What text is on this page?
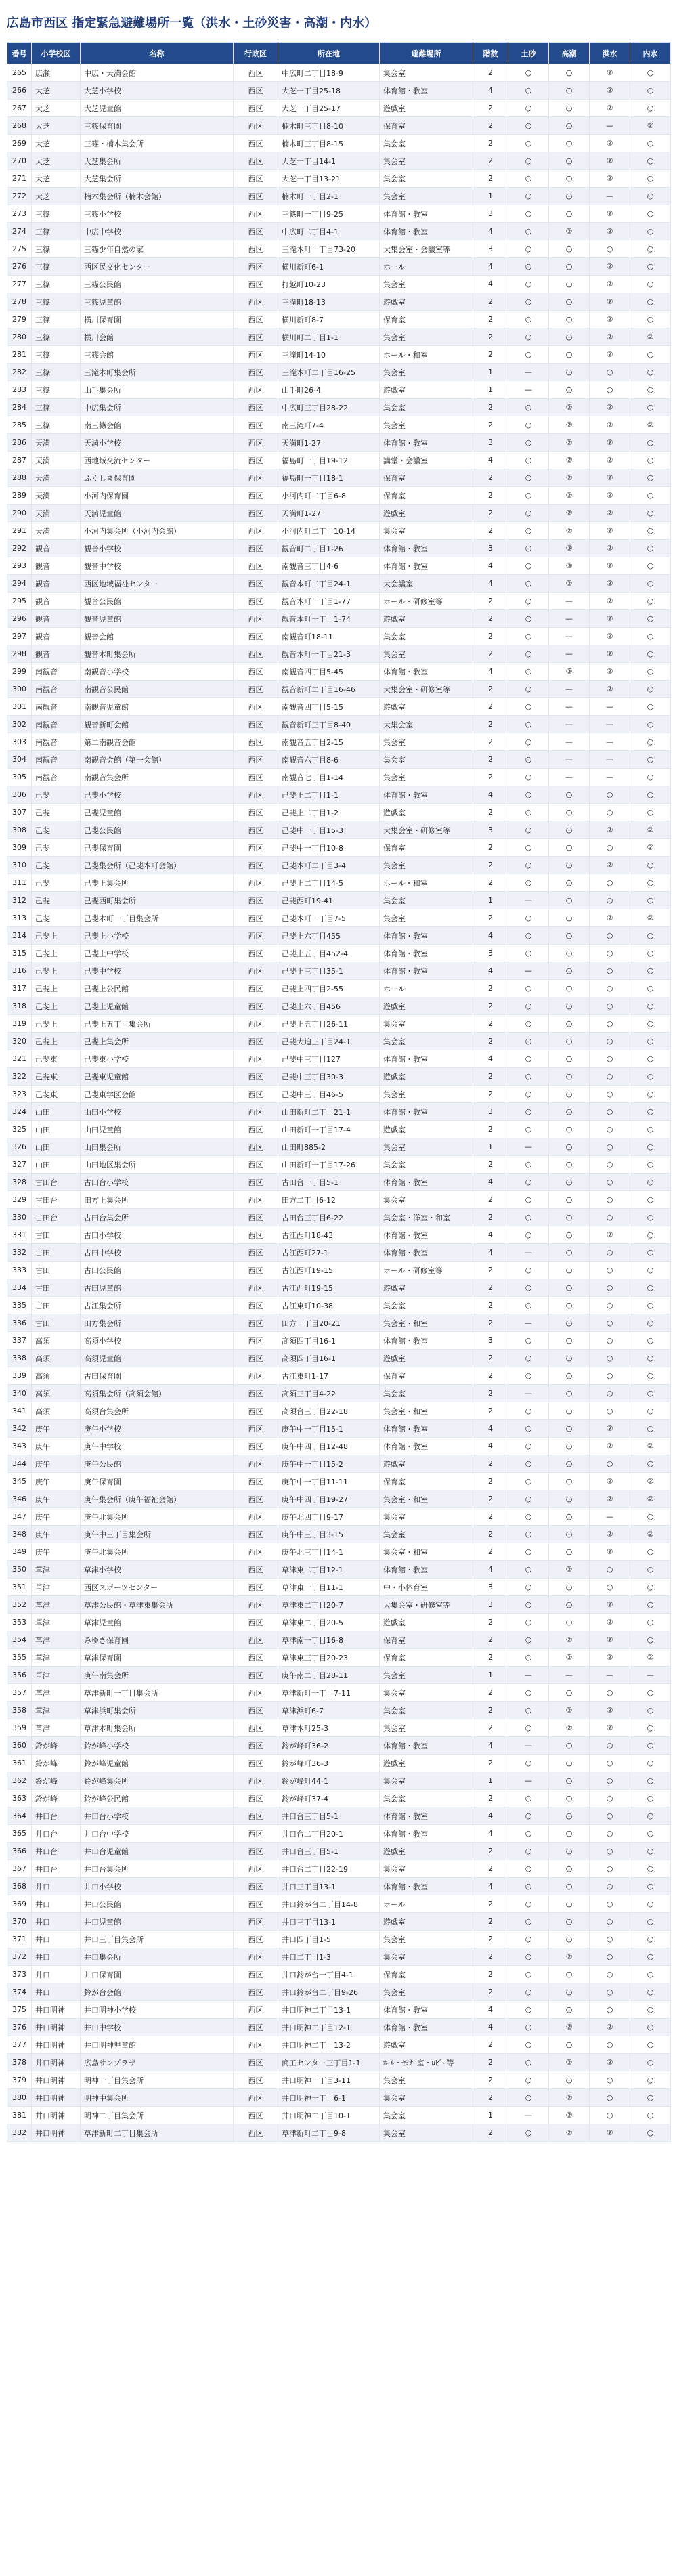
広島市西区 指定緊急避難場所一覧（洪水・土砂災害・高潮・内水）
番号	小学校区	名称	行政区	所在地	避難場所	階数	土砂	高潮	洪水	内水
265	広瀬	中広・天満会館	西区	中広町二丁目18-9	集会室	2	○	○	②	○
266	大芝	大芝小学校	西区	大芝一丁目25-18	体育館・教室	4	○	○	②	○
267	大芝	大芝児童館	西区	大芝一丁目25-17	遊戯室	2	○	○	②	○
268	大芝	三篠保育園	西区	楠木町三丁目8-10	保育室	2	○	○	—	②
269	大芝	三篠・楠木集会所	西区	楠木町三丁目8-15	集会室	2	○	○	②	○
270	大芝	大芝集会所	西区	大芝一丁目14-1	集会室	2	○	○	②	○
271	大芝	大芝集会所	西区	大芝一丁目13-21	集会室	2	○	○	②	○
272	大芝	楠木集会所（楠木会館）	西区	楠木町一丁目2-1	集会室	1	○	○	—	○
273	三篠	三篠小学校	西区	三篠町一丁目9-25	体育館・教室	3	○	○	②	○
274	三篠	中広中学校	西区	中広町二丁目4-1	体育館・教室	4	○	②	②	○
275	三篠	三篠少年自然の家	西区	三滝本町一丁目73-20	大集会室・会議室等	3	○	○	○	○
276	三篠	西区民文化センター	西区	横川新町6-1	ホール	4	○	○	②	○
277	三篠	三篠公民館	西区	打越町10-23	集会室	4	○	○	②	○
278	三篠	三篠児童館	西区	三滝町18-13	遊戯室	2	○	○	②	○
279	三篠	横川保育園	西区	横川新町8-7	保育室	2	○	○	②	○
280	三篠	横川会館	西区	横川町二丁目1-1	集会室	2	○	○	②	②
281	三篠	三篠会館	西区	三滝町14-10	ホール・和室	2	○	○	②	○
282	三篠	三滝本町集会所	西区	三滝本町二丁目16-25	集会室	1	—	○	○	○
283	三篠	山手集会所	西区	山手町26-4	遊戯室	1	—	○	○	○
284	三篠	中広集会所	西区	中広町三丁目28-22	集会室	2	○	②	②	○
285	三篠	南三篠会館	西区	南三滝町7-4	集会室	2	○	②	②	②
286	天満	天満小学校	西区	天満町1-27	体育館・教室	3	○	②	②	○
287	天満	西地域交流センター	西区	福島町一丁目19-12	講堂・会議室	4	○	②	②	○
288	天満	ふくしま保育園	西区	福島町一丁目18-1	保育室	2	○	②	②	○
289	天満	小河内保育園	西区	小河内町二丁目6-8	保育室	2	○	②	②	○
290	天満	天満児童館	西区	天満町1-27	遊戯室	2	○	②	②	○
291	天満	小河内集会所（小河内会館）	西区	小河内町二丁目10-14	集会室	2	○	②	②	○
292	観音	観音小学校	西区	観音町二丁目1-26	体育館・教室	3	○	③	②	○
293	観音	観音中学校	西区	南観音三丁目4-6	体育館・教室	4	○	③	②	○
294	観音	西区地域福祉センター	西区	観音本町二丁目24-1	大会議室	4	○	②	②	○
295	観音	観音公民館	西区	観音本町一丁目1-77	ホール・研修室等	2	○	—	②	○
296	観音	観音児童館	西区	観音本町一丁目1-74	遊戯室	2	○	—	②	○
297	観音	観音会館	西区	南観音町18-11	集会室	2	○	—	②	○
298	観音	観音本町集会所	西区	観音本町一丁目21-3	集会室	2	○	—	②	○
299	南観音	南観音小学校	西区	南観音四丁目5-45	体育館・教室	4	○	③	②	○
300	南観音	南観音公民館	西区	観音新町二丁目16-46	大集会室・研修室等	2	○	—	②	○
301	南観音	南観音児童館	西区	南観音四丁目5-15	遊戯室	2	○	—	—	○
302	南観音	観音新町会館	西区	観音新町三丁目8-40	大集会室	2	○	—	—	○
303	南観音	第二南観音会館	西区	南観音五丁目2-15	集会室	2	○	—	—	○
304	南観音	南観音会館（第一会館）	西区	南観音六丁目8-6	集会室	2	○	—	—	○
305	南観音	南観音集会所	西区	南観音七丁目1-14	集会室	2	○	—	—	○
306	己斐	己斐小学校	西区	己斐上二丁目1-1	体育館・教室	4	○	○	○	○
307	己斐	己斐児童館	西区	己斐上二丁目1-2	遊戯室	2	○	○	○	○
308	己斐	己斐公民館	西区	己斐中一丁目15-3	大集会室・研修室等	3	○	○	②	②
309	己斐	己斐保育園	西区	己斐中一丁目10-8	保育室	2	○	○	○	②
310	己斐	己斐集会所（己斐本町会館）	西区	己斐本町二丁目3-4	集会室	2	○	○	②	○
311	己斐	己斐上集会所	西区	己斐上二丁目14-5	ホール・和室	2	○	○	○	○
312	己斐	己斐西町集会所	西区	己斐西町19-41	集会室	1	—	○	○	○
313	己斐	己斐本町一丁目集会所	西区	己斐本町一丁目7-5	集会室	2	○	○	②	②
314	己斐上	己斐上小学校	西区	己斐上六丁目455	体育館・教室	4	○	○	○	○
315	己斐上	己斐上中学校	西区	己斐上五丁目452-4	体育館・教室	3	○	○	○	○
316	己斐上	己斐中学校	西区	己斐上三丁目35-1	体育館・教室	4	—	○	○	○
317	己斐上	己斐上公民館	西区	己斐上四丁目2-55	ホール	2	○	○	○	○
318	己斐上	己斐上児童館	西区	己斐上六丁目456	遊戯室	2	○	○	○	○
319	己斐上	己斐上五丁目集会所	西区	己斐上五丁目26-11	集会室	2	○	○	○	○
320	己斐上	己斐上集会所	西区	己斐大迫三丁目24-1	集会室	2	○	○	○	○
321	己斐東	己斐東小学校	西区	己斐中三丁目127	体育館・教室	4	○	○	○	○
322	己斐東	己斐東児童館	西区	己斐中三丁目30-3	遊戯室	2	○	○	○	○
323	己斐東	己斐東学区会館	西区	己斐中三丁目46-5	集会室	2	○	○	○	○
324	山田	山田小学校	西区	山田新町二丁目21-1	体育館・教室	3	○	○	○	○
325	山田	山田児童館	西区	山田新町一丁目17-4	遊戯室	2	○	○	○	○
326	山田	山田集会所	西区	山田町885-2	集会室	1	—	○	○	○
327	山田	山田地区集会所	西区	山田新町一丁目17-26	集会室	2	○	○	○	○
328	古田台	古田台小学校	西区	古田台一丁目5-1	体育館・教室	4	○	○	○	○
329	古田台	田方上集会所	西区	田方二丁目6-12	集会室	2	○	○	○	○
330	古田台	古田台集会所	西区	古田台三丁目6-22	集会室・洋室・和室	2	○	○	○	○
331	古田	古田小学校	西区	古江西町18-43	体育館・教室	4	○	○	②	○
332	古田	古田中学校	西区	古江西町27-1	体育館・教室	4	—	○	○	○
333	古田	古田公民館	西区	古江西町19-15	ホール・研修室等	2	○	○	○	○
334	古田	古田児童館	西区	古江西町19-15	遊戯室	2	○	○	○	○
335	古田	古江集会所	西区	古江東町10-38	集会室	2	○	○	○	○
336	古田	田方集会所	西区	田方一丁目20-21	集会室・和室	2	—	○	○	○
337	高須	高須小学校	西区	高須四丁目16-1	体育館・教室	3	○	○	○	○
338	高須	高須児童館	西区	高須四丁目16-1	遊戯室	2	○	○	○	○
339	高須	古田保育園	西区	古江東町1-17	保育室	2	○	○	○	○
340	高須	高須集会所（高須会館）	西区	高須三丁目4-22	集会室	2	—	○	○	○
341	高須	高須台集会所	西区	高須台三丁目22-18	集会室・和室	2	○	○	○	○
342	庚午	庚午小学校	西区	庚午中一丁目15-1	体育館・教室	4	○	○	②	○
343	庚午	庚午中学校	西区	庚午中四丁目12-48	体育館・教室	4	○	○	②	②
344	庚午	庚午公民館	西区	庚午中一丁目15-2	遊戯室	2	○	○	○	○
345	庚午	庚午保育園	西区	庚午中一丁目11-11	保育室	2	○	○	②	②
346	庚午	庚午集会所（庚午福祉会館）	西区	庚午中四丁目19-27	集会室・和室	2	○	○	②	②
347	庚午	庚午北集会所	西区	庚午北四丁目9-17	集会室	2	○	○	—	○
348	庚午	庚午中三丁目集会所	西区	庚午中三丁目3-15	集会室	2	○	○	②	②
349	庚午	庚午北集会所	西区	庚午北三丁目14-1	集会室・和室	2	○	○	②	○
350	草津	草津小学校	西区	草津東二丁目12-1	体育館・教室	4	○	②	○	○
351	草津	西区スポーツセンター	西区	草津東一丁目11-1	中・小体育室	3	○	○	○	○
352	草津	草津公民館・草津東集会所	西区	草津東二丁目20-7	大集会室・研修室等	3	○	○	②	○
353	草津	草津児童館	西区	草津東二丁目20-5	遊戯室	2	○	○	②	○
354	草津	みゆき保育園	西区	草津南一丁目16-8	保育室	2	○	②	②	○
355	草津	草津保育園	西区	草津東三丁目20-23	保育室	2	○	②	②	②
356	草津	庚午南集会所	西区	庚午南二丁目28-11	集会室	1	—	—	—	—
357	草津	草津新町一丁目集会所	西区	草津新町一丁目7-11	集会室	2	○	○	○	○
358	草津	草津浜町集会所	西区	草津浜町6-7	集会室	2	○	②	②	○
359	草津	草津本町集会所	西区	草津本町25-3	集会室	2	○	②	②	○
360	鈴が峰	鈴が峰小学校	西区	鈴が峰町36-2	体育館・教室	4	—	○	○	○
361	鈴が峰	鈴が峰児童館	西区	鈴が峰町36-3	遊戯室	2	○	○	○	○
362	鈴が峰	鈴が峰集会所	西区	鈴が峰町44-1	集会室	1	—	○	○	○
363	鈴が峰	鈴が峰公民館	西区	鈴が峰町37-4	集会室	2	○	○	○	○
364	井口台	井口台小学校	西区	井口台三丁目5-1	体育館・教室	4	○	○	○	○
365	井口台	井口台中学校	西区	井口台二丁目20-1	体育館・教室	4	○	○	○	○
366	井口台	井口台児童館	西区	井口台三丁目5-1	遊戯室	2	○	○	○	○
367	井口台	井口台集会所	西区	井口台二丁目22-19	集会室	2	○	○	○	○
368	井口	井口小学校	西区	井口三丁目13-1	体育館・教室	4	○	○	○	○
369	井口	井口公民館	西区	井口鈴が台二丁目14-8	ホール	2	○	○	○	○
370	井口	井口児童館	西区	井口三丁目13-1	遊戯室	2	○	○	○	○
371	井口	井口三丁目集会所	西区	井口四丁目1-5	集会室	2	○	○	○	○
372	井口	井口集会所	西区	井口二丁目1-3	集会室	2	○	②	○	○
373	井口	井口保育園	西区	井口鈴が台一丁目4-1	保育室	2	○	○	○	○
374	井口	鈴が台会館	西区	井口鈴が台二丁目9-26	集会室	2	○	○	○	○
375	井口明神	井口明神小学校	西区	井口明神二丁目13-1	体育館・教室	4	○	○	○	○
376	井口明神	井口中学校	西区	井口明神二丁目12-1	体育館・教室	4	○	②	②	○
377	井口明神	井口明神児童館	西区	井口明神二丁目13-2	遊戯室	2	○	○	○	○
378	井口明神	広島サンプラザ	西区	商工センター三丁目1-1	ﾎｰﾙ・ｾﾐﾅｰ室・ﾛﾋﾞｰ等	2	○	②	②	○
379	井口明神	明神一丁目集会所	西区	井口明神一丁目3-11	集会室	2	○	○	○	○
380	井口明神	明神中集会所	西区	井口明神一丁目6-1	集会室	2	○	②	○	○
381	井口明神	明神二丁目集会所	西区	井口明神二丁目10-1	集会室	1	—	②	○	○
382	井口明神	草津新町二丁目集会所	西区	草津新町二丁目9-8	集会室	2	○	②	②	○
